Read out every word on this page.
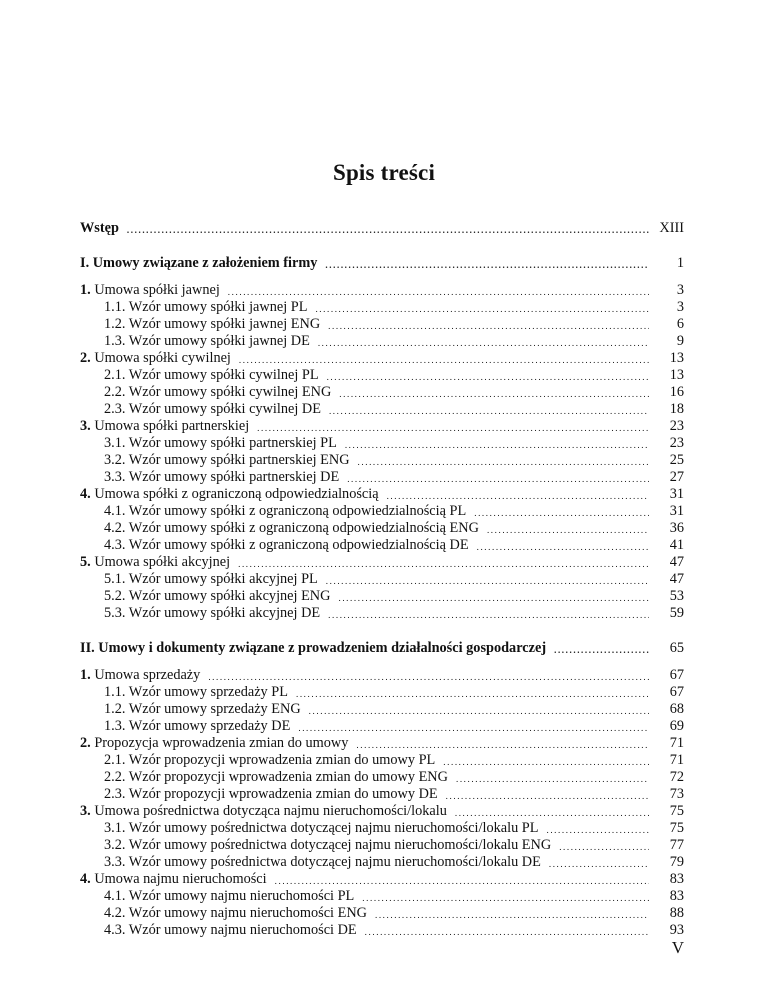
Spis treści
Wstęp .....	XIII
I. Umowy związane z założeniem firmy .....	1
1. Umowa spółki jawnej .....	3
1.1. Wzór umowy spółki jawnej PL .....	3
1.2. Wzór umowy spółki jawnej ENG .....	6
1.3. Wzór umowy spółki jawnej DE .....	9
2. Umowa spółki cywilnej .....	13
2.1. Wzór umowy spółki cywilnej PL .....	13
2.2. Wzór umowy spółki cywilnej ENG .....	16
2.3. Wzór umowy spółki cywilnej DE .....	18
3. Umowa spółki partnerskiej .....	23
3.1. Wzór umowy spółki partnerskiej PL .....	23
3.2. Wzór umowy spółki partnerskiej ENG .....	25
3.3. Wzór umowy spółki partnerskiej DE .....	27
4. Umowa spółki z ograniczoną odpowiedzialnością .....	31
4.1. Wzór umowy spółki z ograniczoną odpowiedzialnością PL .....	31
4.2. Wzór umowy spółki z ograniczoną odpowiedzialnością ENG .....	36
4.3. Wzór umowy spółki z ograniczoną odpowiedzialnością DE .....	41
5. Umowa spółki akcyjnej .....	47
5.1. Wzór umowy spółki akcyjnej PL .....	47
5.2. Wzór umowy spółki akcyjnej ENG .....	53
5.3. Wzór umowy spółki akcyjnej DE .....	59
II. Umowy i dokumenty związane z prowadzeniem działalności gospodarczej .....	65
1. Umowa sprzedaży .....	67
1.1. Wzór umowy sprzedaży PL .....	67
1.2. Wzór umowy sprzedaży ENG .....	68
1.3. Wzór umowy sprzedaży DE .....	69
2. Propozycja wprowadzenia zmian do umowy .....	71
2.1. Wzór propozycji wprowadzenia zmian do umowy PL .....	71
2.2. Wzór propozycji wprowadzenia zmian do umowy ENG .....	72
2.3. Wzór propozycji wprowadzenia zmian do umowy DE .....	73
3. Umowa pośrednictwa dotycząca najmu nieruchomości/lokalu .....	75
3.1. Wzór umowy pośrednictwa dotyczącej najmu nieruchomości/lokalu PL .....	75
3.2. Wzór umowy pośrednictwa dotyczącej najmu nieruchomości/lokalu ENG .....	77
3.3. Wzór umowy pośrednictwa dotyczącej najmu nieruchomości/lokalu DE .....	79
4. Umowa najmu nieruchomości .....	83
4.1. Wzór umowy najmu nieruchomości PL .....	83
4.2. Wzór umowy najmu nieruchomości ENG .....	88
4.3. Wzór umowy najmu nieruchomości DE .....	93
V
